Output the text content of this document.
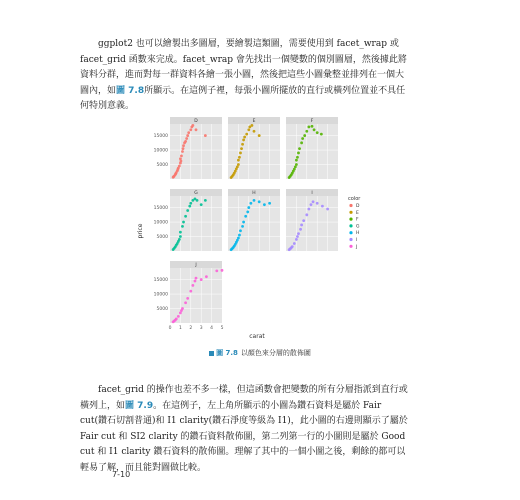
ggplot2 也可以繪製出多圖層，要繪製這類圖，需要使用到 facet_wrap 或 facet_grid 函數來完成。facet_wrap 會先找出一個變數的個別圖層，然後據此將資料分群，進而對每一群資料各繪一張小圖，然後把這些小圖彙整並排列在一個大圖內，如圖 7.8所顯示。在這例子裡，每張小圖所擺放的直行或橫列位置並不具任何特別意義。

D
5000
10000
15000
E	F
G
5000
10000
15000
H	I
J
5000
10000
15000
0 1 2 3 4 5
price
carat
color
D
E
F
G
H
I
J
圖 7.8 以顏色來分層的散佈圖

facet_grid 的操作也差不多一樣，但這函數會把變數的所有分層指派到直行或橫列上，如圖 7.9。在這例子，左上角所顯示的小圖為鑽石資料是屬於 Fair cut(鑽石切割普通)和 I1 clarity(鑽石淨度等級為 I1)，此小圖的右邊則顯示了屬於 Fair cut 和 SI2 clarity 的鑽石資料散佈圖，第二列第一行的小圖則是屬於 Good cut 和 I1 clarity 鑽石資料的散佈圖。理解了其中的一個小圖之後，剩餘的都可以輕易了解，而且能對圖做比較。

7-10
